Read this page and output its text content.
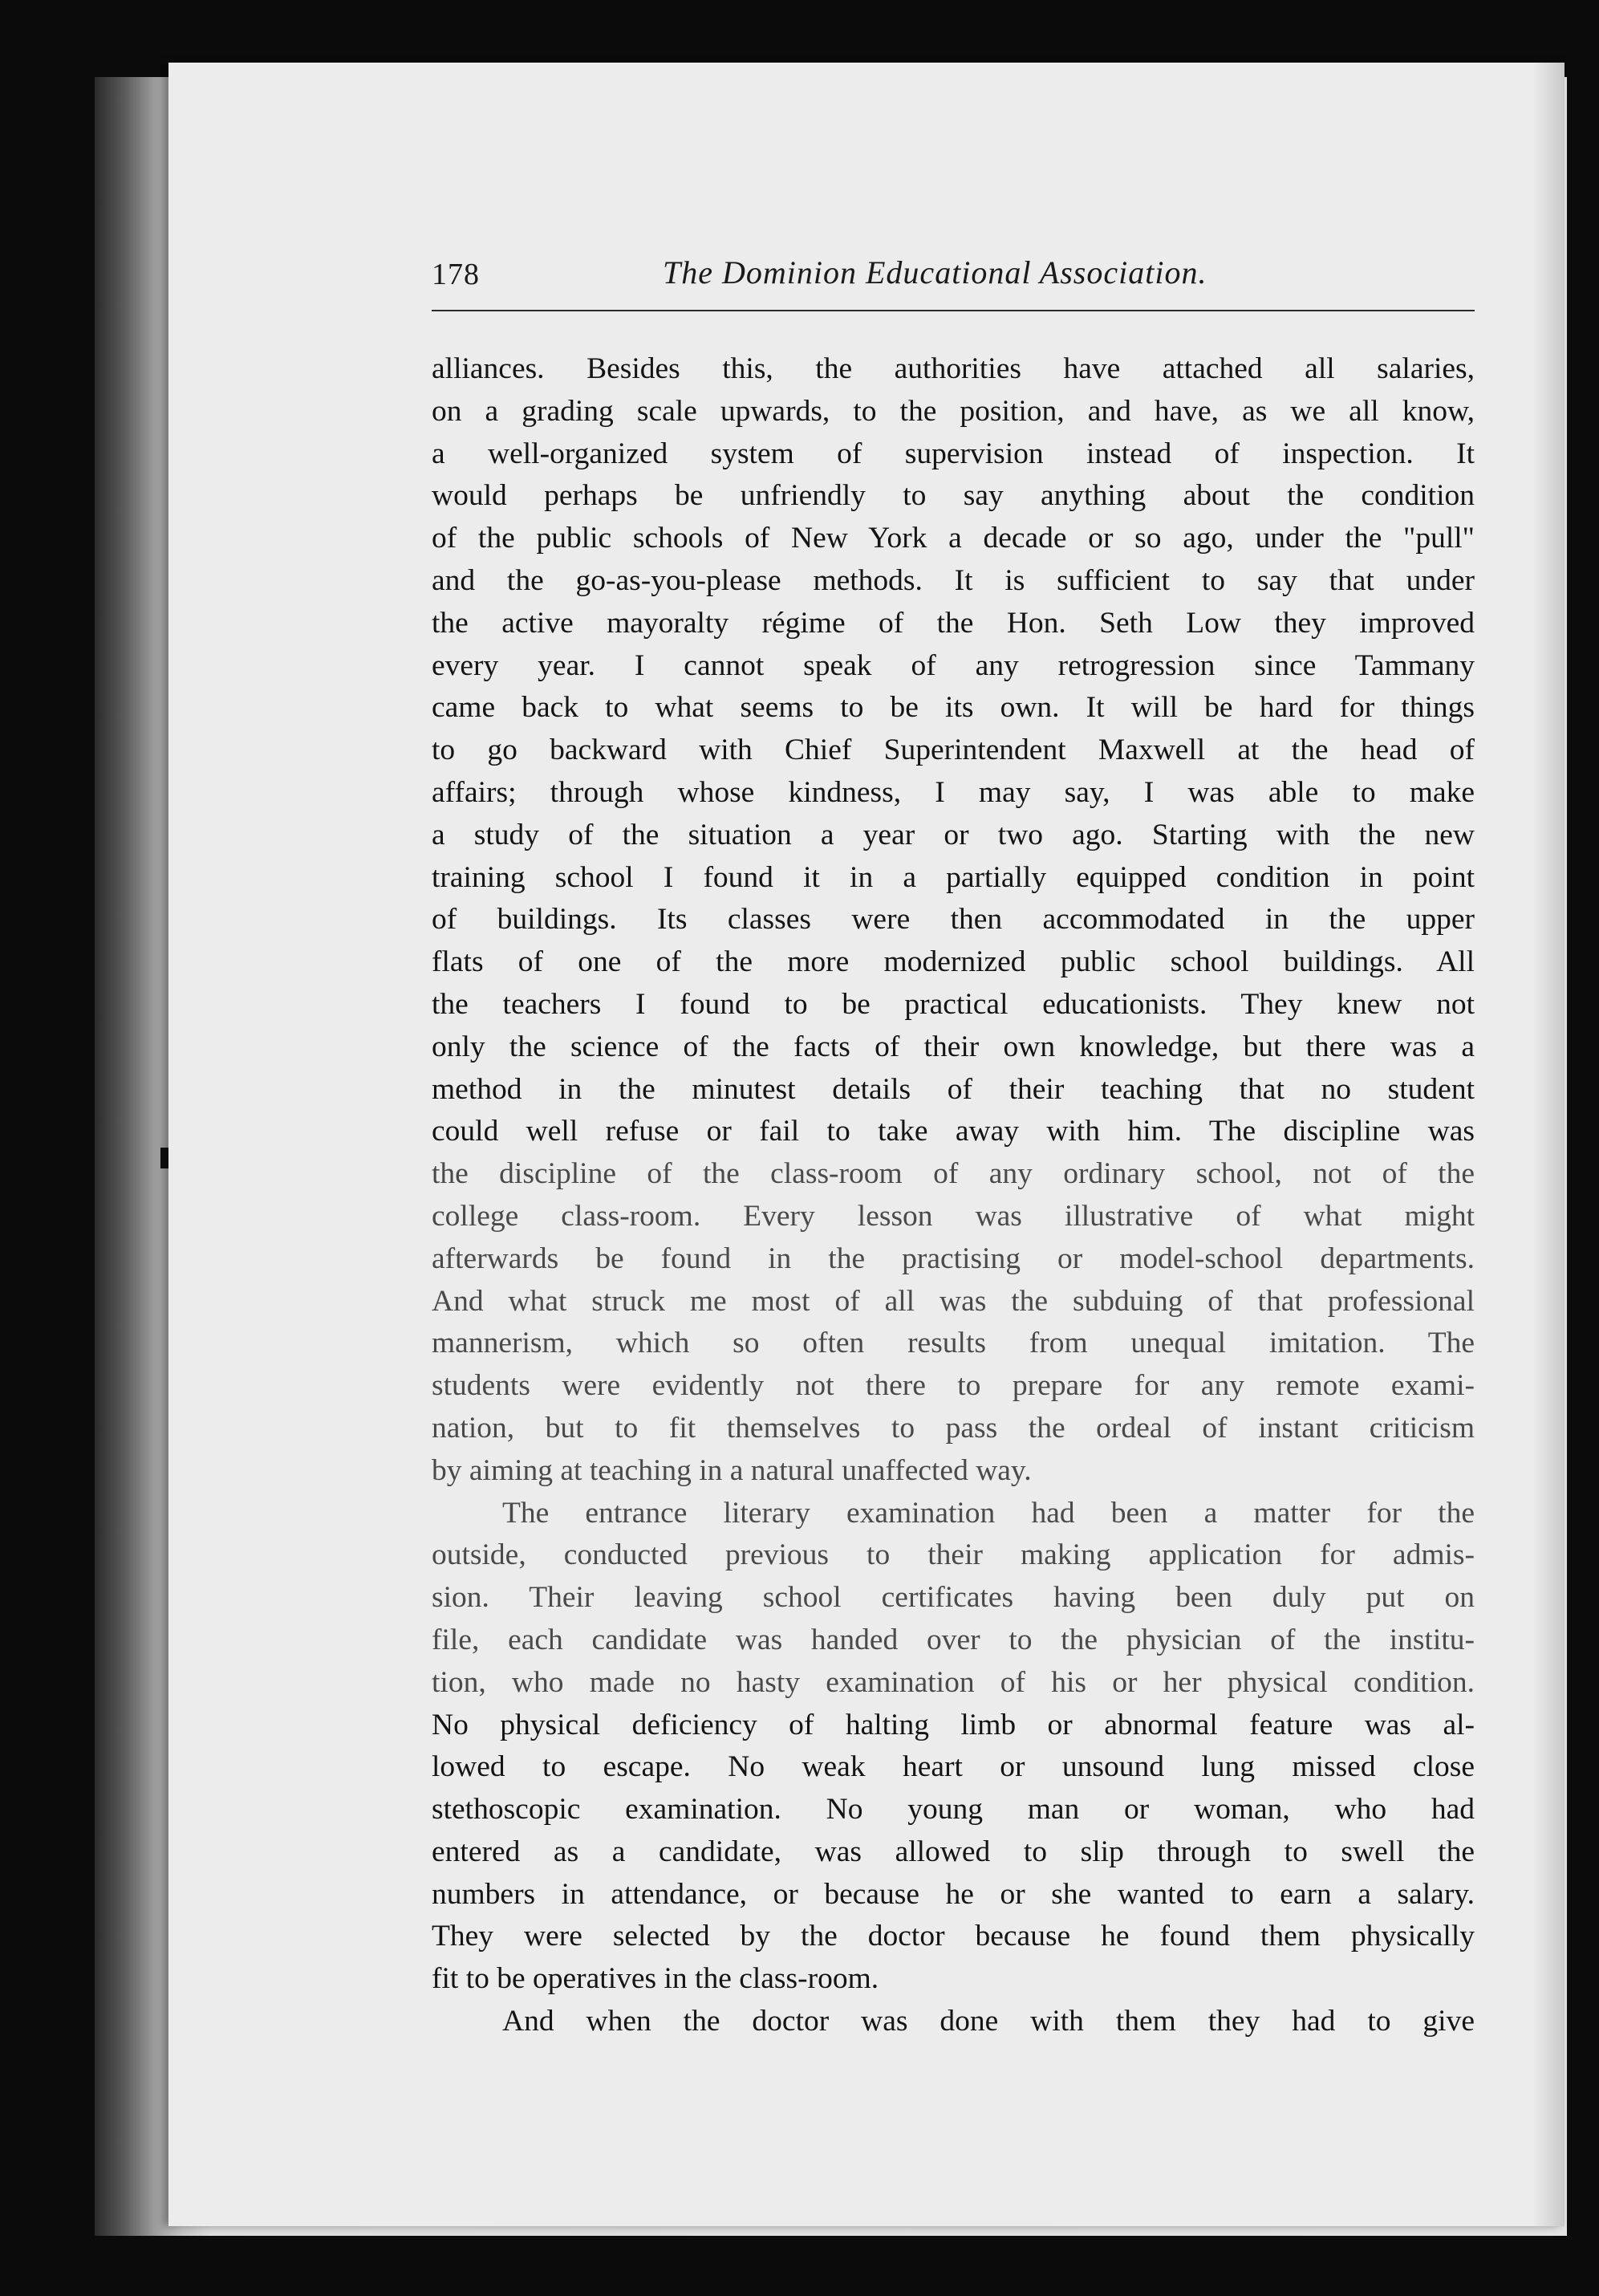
178	The Dominion Educational Association.
alliances. Besides this, the authorities have attached all salaries,
on a grading scale upwards, to the position, and have, as we all know,
a well-organized system of supervision instead of inspection. It
would perhaps be unfriendly to say anything about the condition
of the public schools of New York a decade or so ago, under the "pull"
and the go-as-you-please methods. It is sufficient to say that under
the active mayoralty régime of the Hon. Seth Low they improved
every year. I cannot speak of any retrogression since Tammany
came back to what seems to be its own. It will be hard for things
to go backward with Chief Superintendent Maxwell at the head of
affairs; through whose kindness, I may say, I was able to make
a study of the situation a year or two ago. Starting with the new
training school I found it in a partially equipped condition in point
of buildings. Its classes were then accommodated in the upper
flats of one of the more modernized public school buildings. All
the teachers I found to be practical educationists. They knew not
only the science of the facts of their own knowledge, but there was a
method in the minutest details of their teaching that no student
could well refuse or fail to take away with him. The discipline was
the discipline of the class-room of any ordinary school, not of the
college class-room. Every lesson was illustrative of what might
afterwards be found in the practising or model-school departments.
And what struck me most of all was the subduing of that professional
mannerism, which so often results from unequal imitation. The
students were evidently not there to prepare for any remote exami-
nation, but to fit themselves to pass the ordeal of instant criticism
by aiming at teaching in a natural unaffected way.
The entrance literary examination had been a matter for the
outside, conducted previous to their making application for admis-
sion. Their leaving school certificates having been duly put on
file, each candidate was handed over to the physician of the institu-
tion, who made no hasty examination of his or her physical condition.
No physical deficiency of halting limb or abnormal feature was al-
lowed to escape. No weak heart or unsound lung missed close
stethoscopic examination. No young man or woman, who had
entered as a candidate, was allowed to slip through to swell the
numbers in attendance, or because he or she wanted to earn a salary.
They were selected by the doctor because he found them physically
fit to be operatives in the class-room.
And when the doctor was done with them they had to give
